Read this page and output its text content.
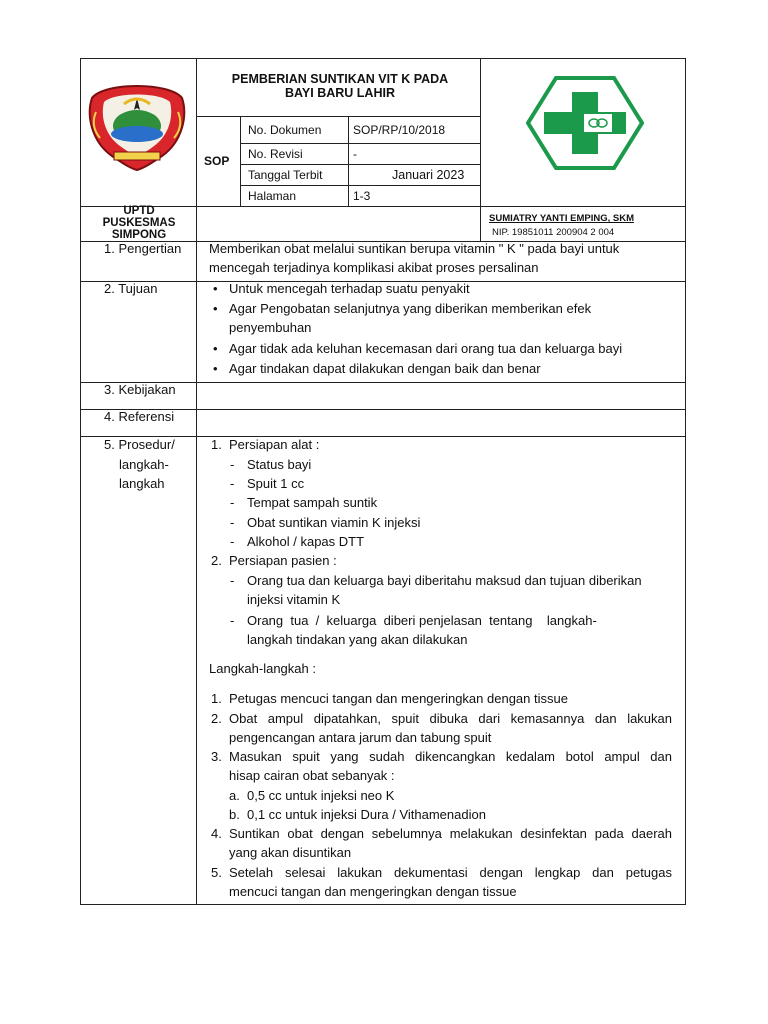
PEMBERIAN SUNTIKAN VIT K PADA
BAYI BARU LAHIR
SOP
No. Dokumen	SOP/RP/10/2018
No. Revisi	-
Tanggal Terbit	Januari 2023
Halaman	1-3
UPTD
PUSKESMAS
SIMPONG
SUMIATRY YANTI EMPING, SKM
NIP. 19851011 200904 2 004
1. Pengertian Memberikan obat melalui suntikan berupa vitamin " K " pada bayi untuk
mencegah terjadinya komplikasi akibat proses persalinan
2. Tujuan	• Untuk mencegah terhadap suatu penyakit
• Agar Pengobatan selanjutnya yang diberikan memberikan efek
penyembuhan
• Agar tidak ada keluhan kecemasan dari orang tua dan keluarga bayi
• Agar tindakan dapat dilakukan dengan baik dan benar
3. Kebijakan
4. Referensi
5. Prosedur/
langkah-
langkah
1. Persiapan alat :
- Status bayi
- Spuit 1 cc
- Tempat sampah suntik
- Obat suntikan viamin K injeksi
- Alkohol / kapas DTT
2. Persiapan pasien :
- Orang tua dan keluarga bayi diberitahu maksud dan tujuan diberikan
injeksi vitamin K
- Orang  tua  /  keluarga  diberi penjelasan  tentang    langkah-
langkah tindakan yang akan dilakukan
Langkah-langkah :
1. Petugas mencuci tangan dan mengeringkan dengan tissue
2. Obat ampul dipatahkan, spuit dibuka dari kemasannya dan lakukan
pengencangan antara jarum dan tabung spuit
3. Masukan spuit yang sudah dikencangkan kedalam botol ampul dan
hisap cairan obat sebanyak :
a. 0,5 cc untuk injeksi neo K
b. 0,1 cc untuk injeksi Dura / Vithamenadion
4. Suntikan obat dengan sebelumnya melakukan desinfektan pada daerah
yang akan disuntikan
5. Setelah selesai lakukan dekumentasi dengan lengkap dan petugas
mencuci tangan dan mengeringkan dengan tissue
